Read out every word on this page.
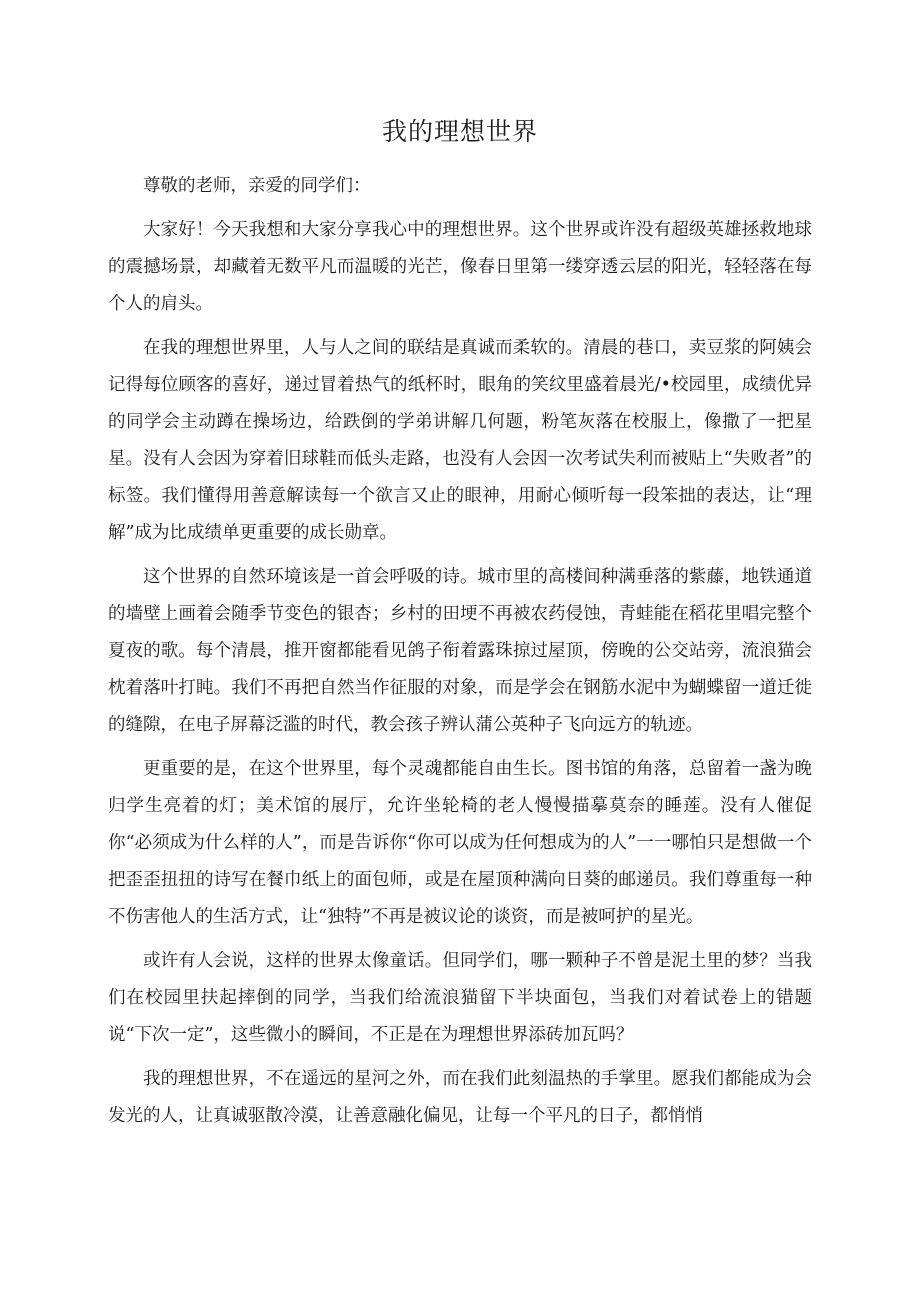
我的理想世界

尊敬的老师，亲爱的同学们：

大家好！今天我想和大家分享我心中的理想世界。这个世界或许没有超级英雄拯救地球的震撼场景，却藏着无数平凡而温暖的光芒，像春日里第一缕穿透云层的阳光，轻轻落在每个人的肩头。

在我的理想世界里，人与人之间的联结是真诚而柔软的。清晨的巷口，卖豆浆的阿姨会记得每位顾客的喜好，递过冒着热气的纸杯时，眼角的笑纹里盛着晨光/•校园里，成绩优异的同学会主动蹲在操场边，给跌倒的学弟讲解几何题，粉笔灰落在校服上，像撒了一把星星。没有人会因为穿着旧球鞋而低头走路，也没有人会因一次考试失利而被贴上“失败者”的标签。我们懂得用善意解读每一个欲言又止的眼神，用耐心倾听每一段笨拙的表达，让“理解”成为比成绩单更重要的成长勋章。

这个世界的自然环境该是一首会呼吸的诗。城市里的高楼间种满垂落的紫藤，地铁通道的墙壁上画着会随季节变色的银杏；乡村的田埂不再被农药侵蚀，青蛙能在稻花里唱完整个夏夜的歌。每个清晨，推开窗都能看见鸽子衔着露珠掠过屋顶，傍晚的公交站旁，流浪猫会枕着落叶打盹。我们不再把自然当作征服的对象，而是学会在钢筋水泥中为蝴蝶留一道迁徙的缝隙，在电子屏幕泛滥的时代，教会孩子辨认蒲公英种子飞向远方的轨迹。

更重要的是，在这个世界里，每个灵魂都能自由生长。图书馆的角落，总留着一盏为晚归学生亮着的灯；美术馆的展厅，允许坐轮椅的老人慢慢描摹莫奈的睡莲。没有人催促你“必须成为什么样的人”，而是告诉你“你可以成为任何想成为的人”一一哪怕只是想做一个把歪歪扭扭的诗写在餐巾纸上的面包师，或是在屋顶种满向日葵的邮递员。我们尊重每一种不伤害他人的生活方式，让“独特”不再是被议论的谈资，而是被呵护的星光。

或许有人会说，这样的世界太像童话。但同学们，哪一颗种子不曾是泥土里的梦？当我们在校园里扶起摔倒的同学，当我们给流浪猫留下半块面包，当我们对着试卷上的错题说“下次一定”，这些微小的瞬间，不正是在为理想世界添砖加瓦吗？

我的理想世界，不在遥远的星河之外，而在我们此刻温热的手掌里。愿我们都能成为会发光的人，让真诚驱散冷漠，让善意融化偏见，让每一个平凡的日子，都悄悄
